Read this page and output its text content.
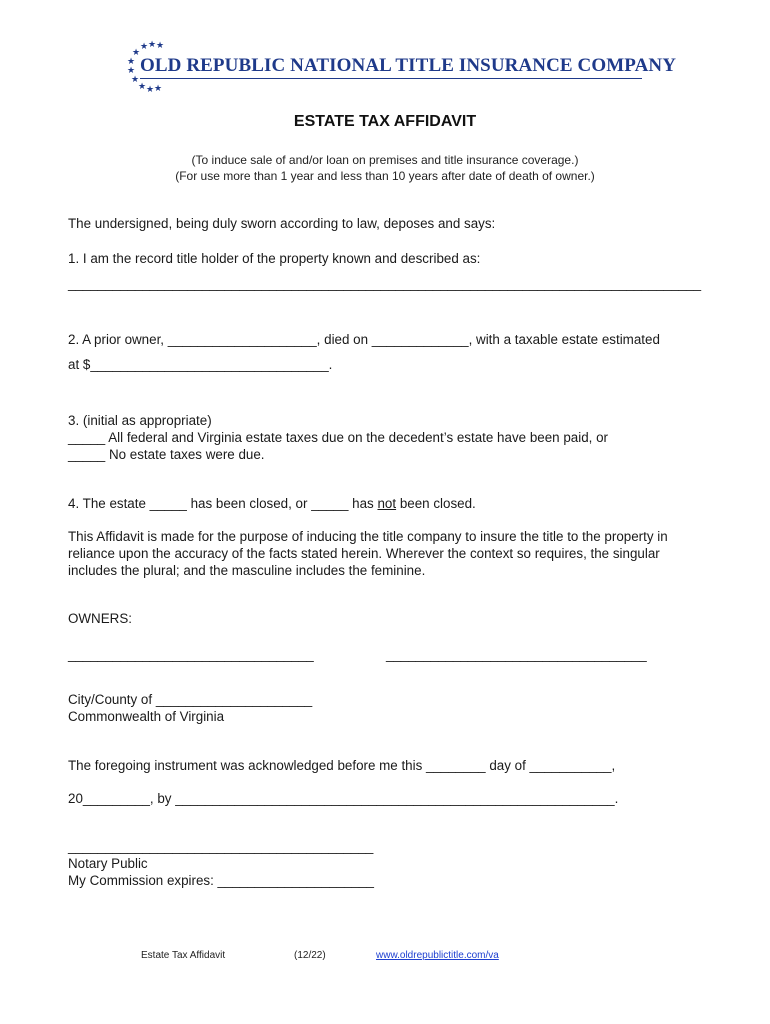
★ ★ ★
★
★
★
★
★ ★ ★
OLD REPUBLIC NATIONAL TITLE INSURANCE COMPANY
ESTATE TAX AFFIDAVIT
(To induce sale of and/or loan on premises and title insurance coverage.)
(For use more than 1 year and less than 10 years after date of death of owner.)
The undersigned, being duly sworn according to law, deposes and says:
1. I am the record title holder of the property known and described as:
_____________________________________________________________________________________
2. A prior owner, ____________________, died on _____________, with a taxable estate estimated
at $________________________________.
3. (initial as appropriate)
_____ All federal and Virginia estate taxes due on the decedent’s estate have been paid, or
_____ No estate taxes were due.
4. The estate _____ has been closed, or _____ has not been closed.
This Affidavit is made for the purpose of inducing the title company to insure the title to the property in reliance upon the accuracy of the facts stated herein. Wherever the context so requires, the singular includes the plural; and the masculine includes the feminine.
OWNERS:
_________________________________	___________________________________
City/County of _____________________
Commonwealth of Virginia
The foregoing instrument was acknowledged before me this ________ day of ___________,
20_________, by ___________________________________________________________.
_________________________________________
Notary Public
My Commission expires: _____________________
Estate Tax Affidavit	(12/22)	www.oldrepublictitle.com/va
